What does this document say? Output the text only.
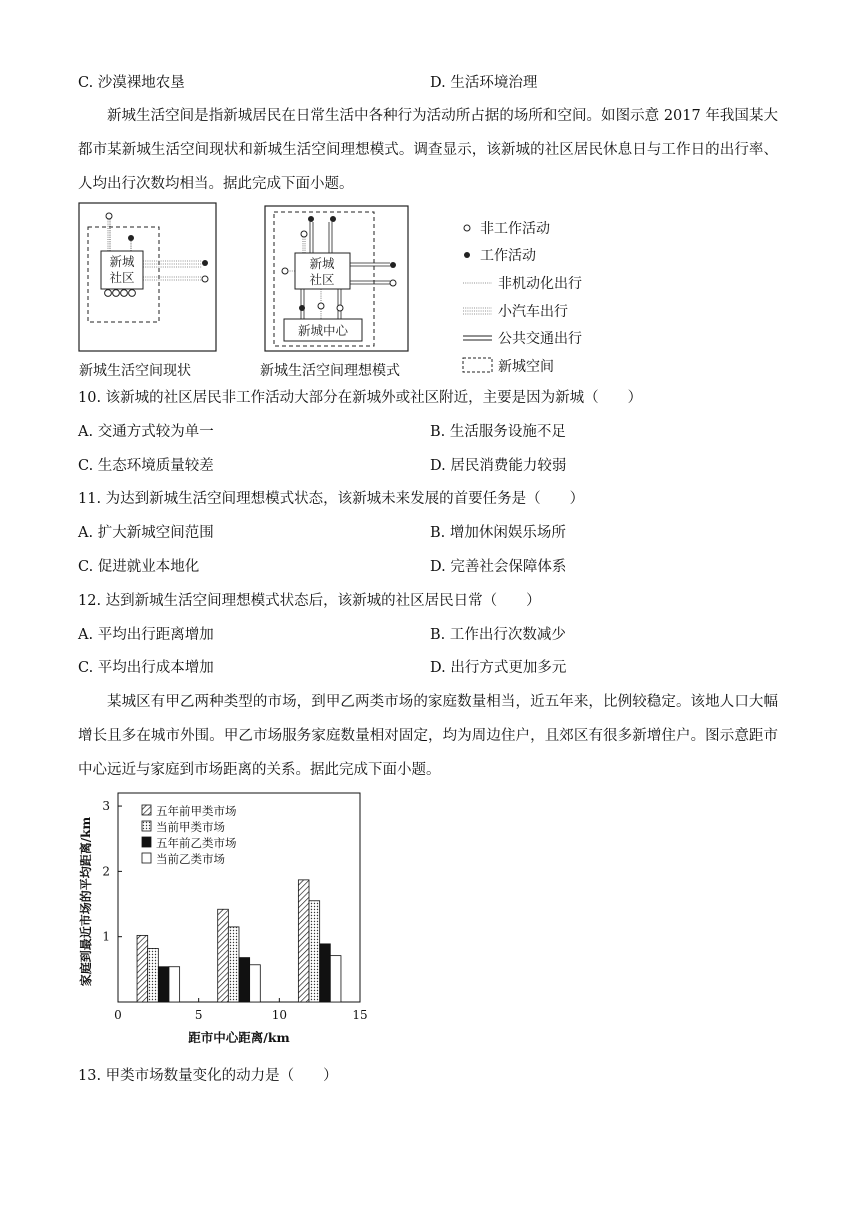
C. 沙漠裸地农垦	D. 生活环境治理
新城生活空间是指新城居民在日常生活中各种行为活动所占据的场所和空间。如图示意 2017 年我国某大都市某新城生活空间现状和新城生活空间理想模式。调查显示，该新城的社区居民休息日与工作日的出行率、人均出行次数均相当。据此完成下面小题。
新城
社区
新城生活空间现状
新城
社区
新城中心
新城生活空间理想模式
非工作活动
工作活动
非机动化出行
小汽车出行
公共交通出行
新城空间
10. 该新城的社区居民非工作活动大部分在新城外或社区附近，主要是因为新城（　　）
A. 交通方式较为单一	B. 生活服务设施不足
C. 生态环境质量较差	D. 居民消费能力较弱
11. 为达到新城生活空间理想模式状态，该新城未来发展的首要任务是（　　）
A. 扩大新城空间范围	B. 增加休闲娱乐场所
C. 促进就业本地化	D. 完善社会保障体系
12. 达到新城生活空间理想模式状态后，该新城的社区居民日常（　　）
A. 平均出行距离增加	B. 工作出行次数减少
C. 平均出行成本增加	D. 出行方式更加多元
某城区有甲乙两种类型的市场，到甲乙两类市场的家庭数量相当，近五年来，比例较稳定。该地人口大幅增长且多在城市外围。甲乙市场服务家庭数量相对固定，均为周边住户，且郊区有很多新增住户。图示意距市中心远近与家庭到市场距离的关系。据此完成下面小题。
1
2
3
0	5	10	15
五年前甲类市场
当前甲类市场
五年前乙类市场
当前乙类市场
距市中心距离/km
家庭到最近市场的平均距离/km
13. 甲类市场数量变化的动力是（　　）
